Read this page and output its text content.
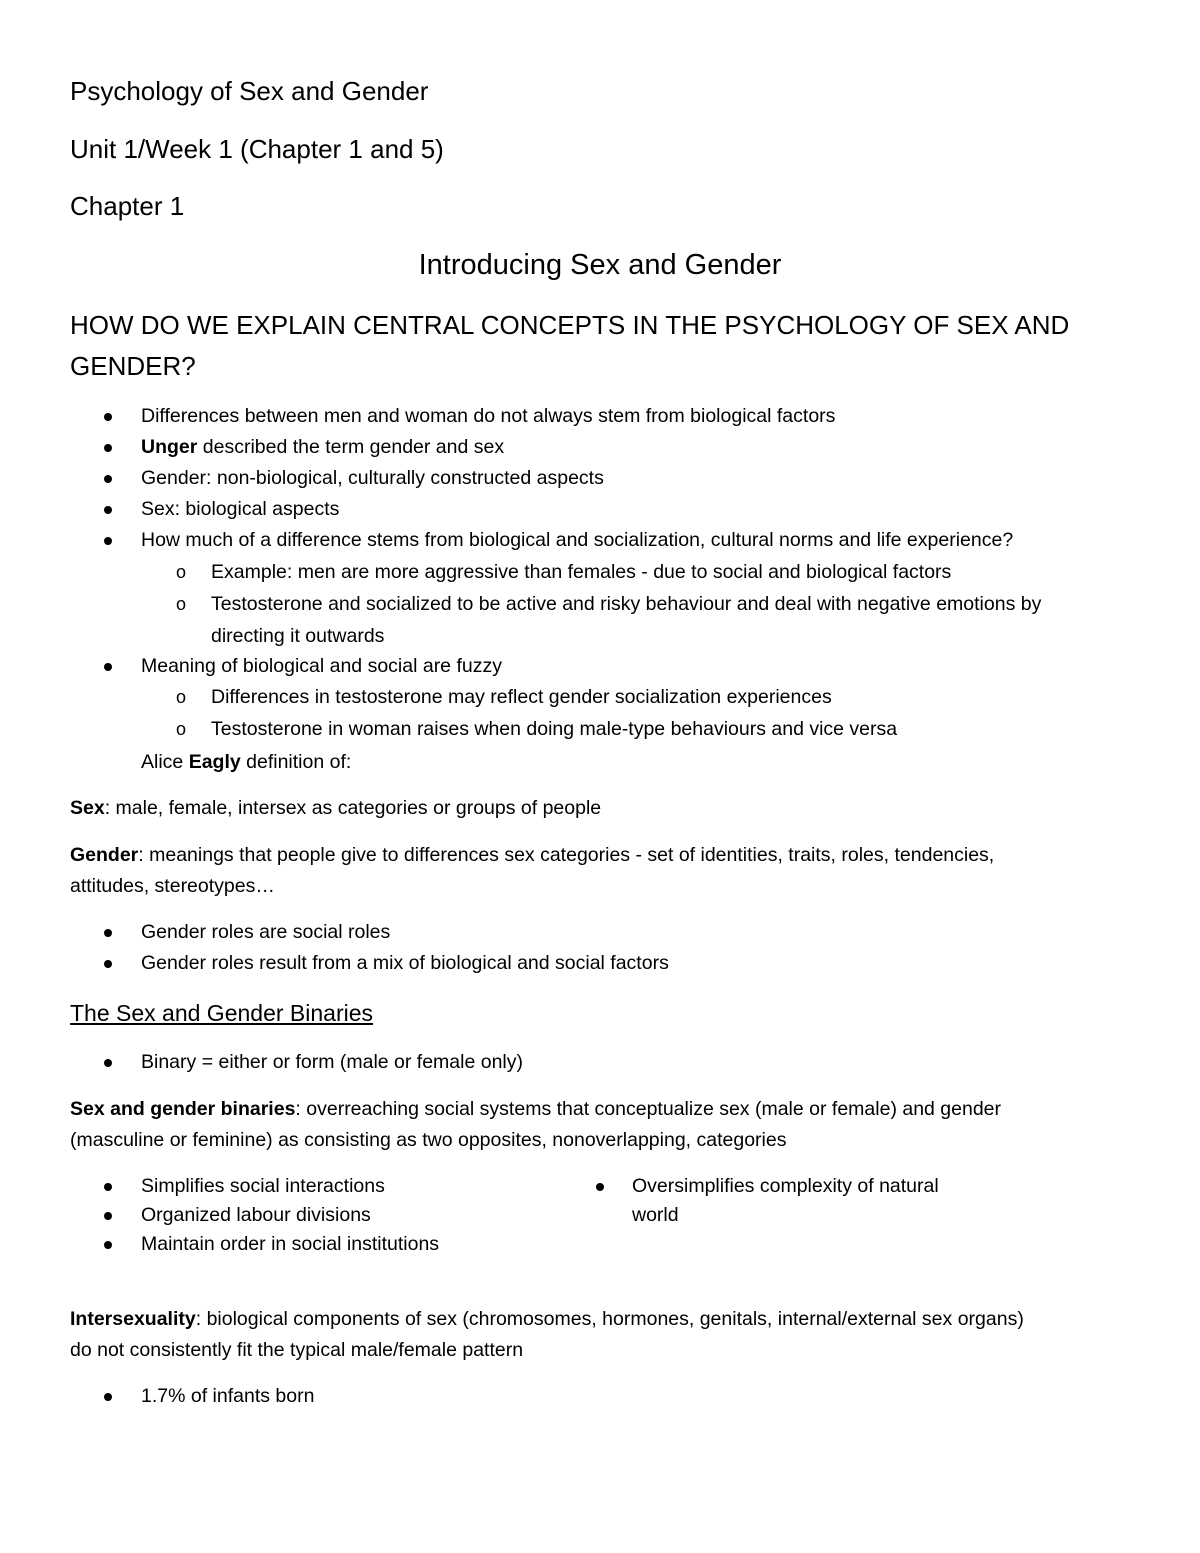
Psychology of Sex and Gender
Unit 1/Week 1 (Chapter 1 and 5)
Chapter 1
Introducing Sex and Gender
HOW DO WE EXPLAIN CENTRAL CONCEPTS IN THE PSYCHOLOGY OF SEX AND
GENDER?
Differences between men and woman do not always stem from biological factors
Unger described the term gender and sex
Gender: non-biological, culturally constructed aspects
Sex: biological aspects
How much of a difference stems from biological and socialization, cultural norms and life experience?
o Example: men are more aggressive than females - due to social and biological factors
o Testosterone and socialized to be active and risky behaviour and deal with negative emotions by
directing it outwards
Meaning of biological and social are fuzzy
o Differences in testosterone may reflect gender socialization experiences
o Testosterone in woman raises when doing male-type behaviours and vice versa
Alice Eagly definition of:
Sex: male, female, intersex as categories or groups of people
Gender: meanings that people give to differences sex categories - set of identities, traits, roles, tendencies,
attitudes, stereotypes…
Gender roles are social roles
Gender roles result from a mix of biological and social factors
The Sex and Gender Binaries
Binary = either or form (male or female only)
Sex and gender binaries: overreaching social systems that conceptualize sex (male or female) and gender
(masculine or feminine) as consisting as two opposites, nonoverlapping, categories
Simplifies social interactions
Organized labour divisions
Maintain order in social institutions
Oversimplifies complexity of natural
world
Intersexuality: biological components of sex (chromosomes, hormones, genitals, internal/external sex organs)
do not consistently fit the typical male/female pattern
1.7% of infants born
